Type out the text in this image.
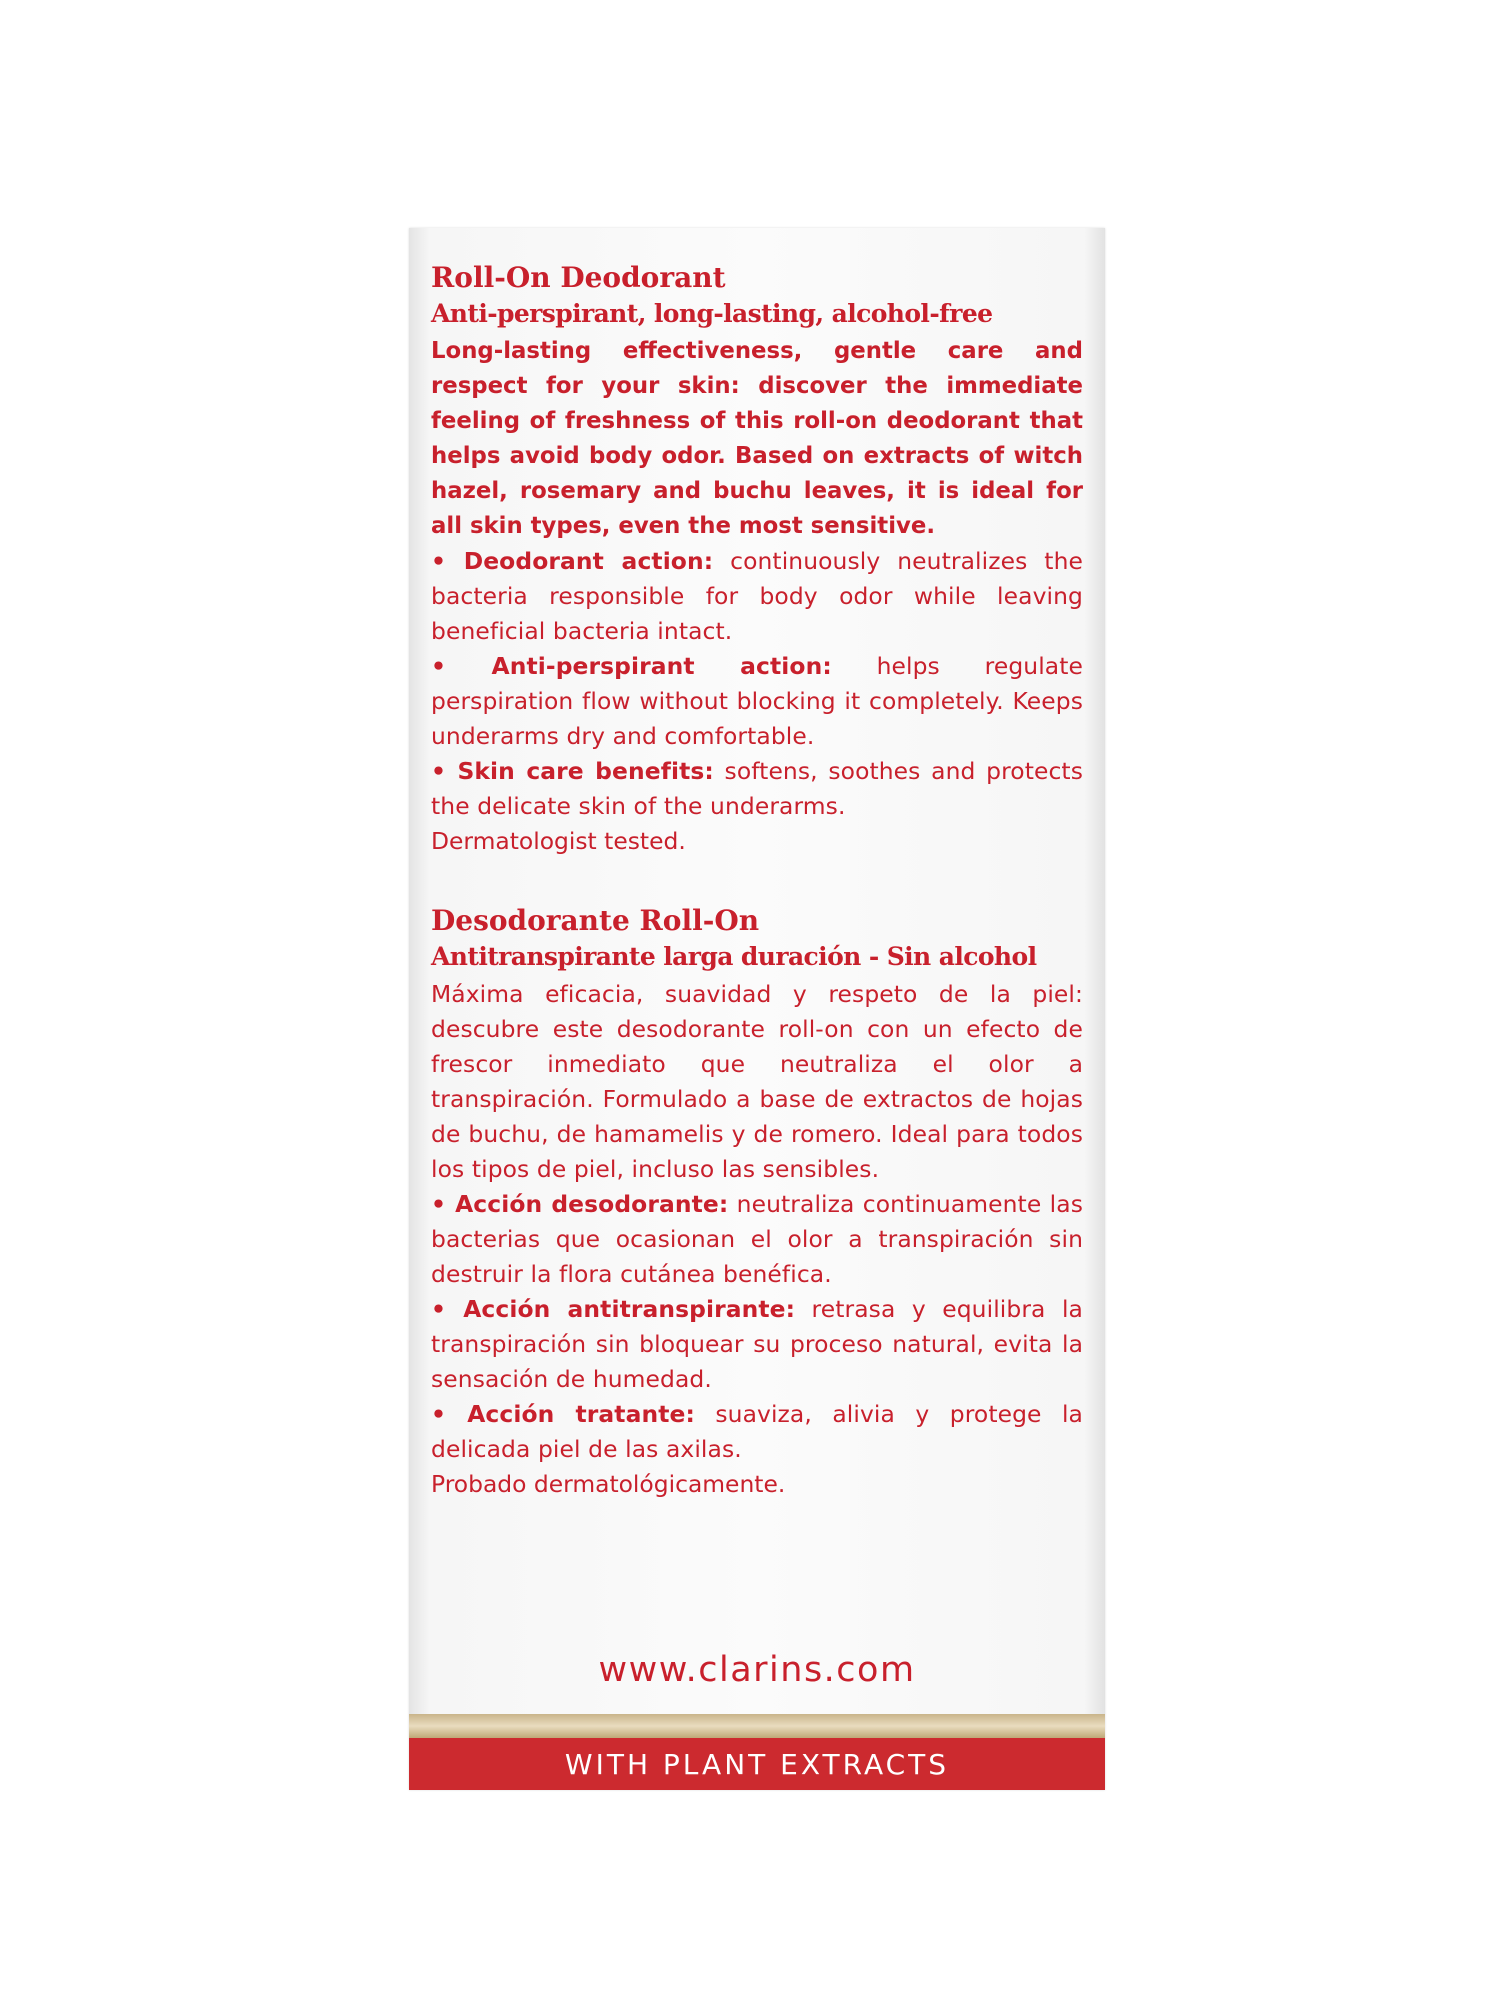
Roll-On Deodorant
Anti-perspirant, long-lasting, alcohol-free

Long-lasting effectiveness, gentle care and respect for your skin: discover the immediate feeling of freshness of this roll-on deodorant that helps avoid body odor. Based on extracts of witch hazel, rosemary and buchu leaves, it is ideal for all skin types, even the most sensitive.

• Deodorant action: continuously neutralizes the bacteria responsible for body odor while leaving beneficial bacteria intact.

• Anti-perspirant action: helps regulate perspiration flow without blocking it completely. Keeps underarms dry and comfortable.

• Skin care benefits: softens, soothes and protects the delicate skin of the underarms.

Dermatologist tested.

Desodorante Roll-On
Antitranspirante larga duración - Sin alcohol

Máxima eficacia, suavidad y respeto de la piel: descubre este desodorante roll-on con un efecto de frescor inmediato que neutraliza el olor a transpiración. Formulado a base de extractos de hojas de buchu, de hamamelis y de romero. Ideal para todos los tipos de piel, incluso las sensibles.

• Acción desodorante: neutraliza continuamente las bacterias que ocasionan el olor a transpiración sin destruir la flora cutánea benéfica.

• Acción antitranspirante: retrasa y equilibra la transpiración sin bloquear su proceso natural, evita la sensación de humedad.

• Acción tratante: suaviza, alivia y protege la delicada piel de las axilas.

Probado dermatológicamente.

www.clarins.com
WITH PLANT EXTRACTS
